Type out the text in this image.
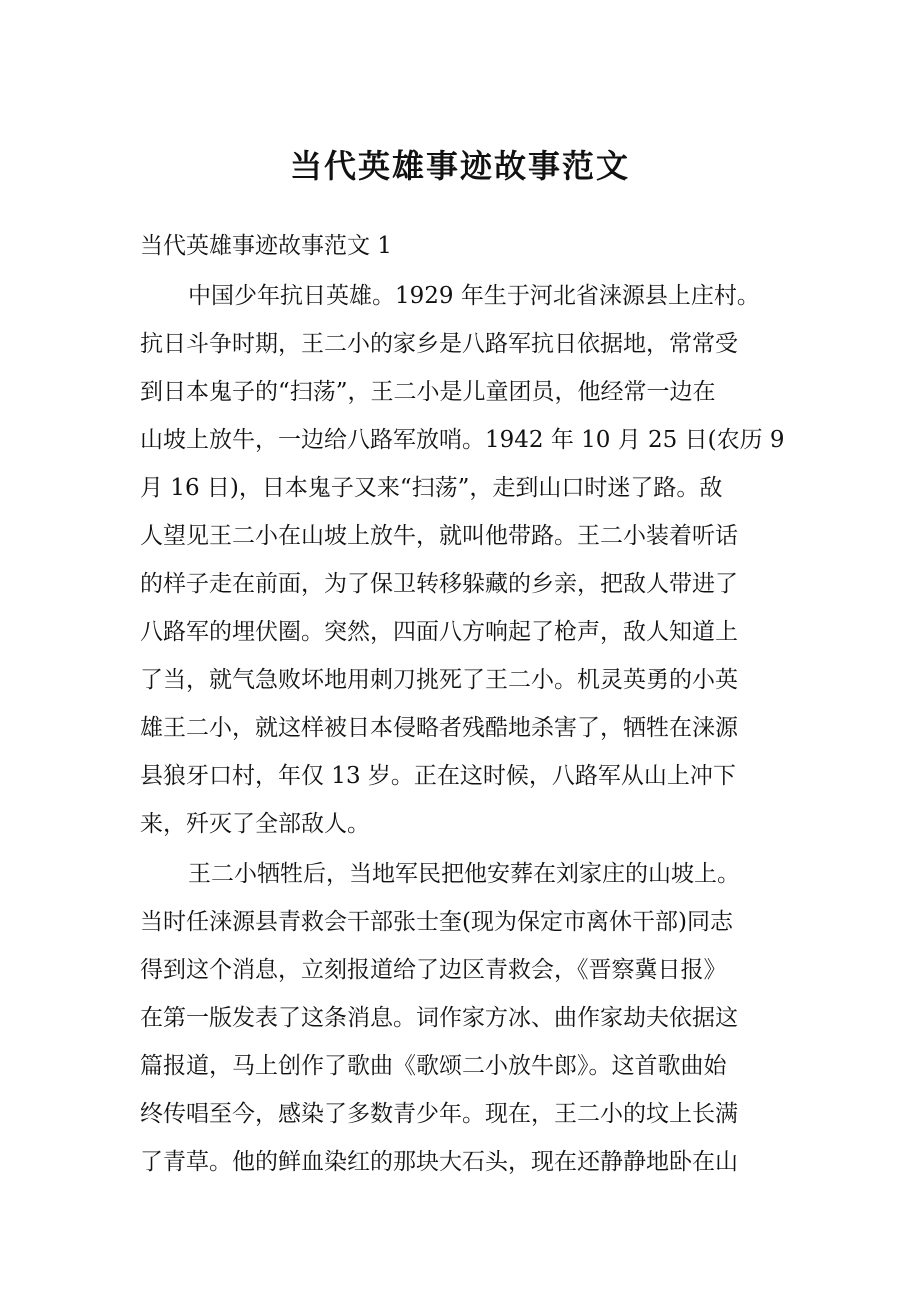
当代英雄事迹故事范文
当代英雄事迹故事范文 1
中国少年抗日英雄。1929 年生于河北省涞源县上庄村。
抗日斗争时期，王二小的家乡是八路军抗日依据地，常常受
到日本鬼子的“扫荡”，王二小是儿童团员，他经常一边在
山坡上放牛，一边给八路军放哨。1942 年 10 月 25 日(农历 9
月 16 日)，日本鬼子又来“扫荡”，走到山口时迷了路。敌
人望见王二小在山坡上放牛，就叫他带路。王二小装着听话
的样子走在前面，为了保卫转移躲藏的乡亲，把敌人带进了
八路军的埋伏圈。突然，四面八方响起了枪声，敌人知道上
了当，就气急败坏地用刺刀挑死了王二小。机灵英勇的小英
雄王二小，就这样被日本侵略者残酷地杀害了，牺牲在涞源
县狼牙口村，年仅 13 岁。正在这时候，八路军从山上冲下
来，歼灭了全部敌人。
王二小牺牲后，当地军民把他安葬在刘家庄的山坡上。
当时任涞源县青救会干部张士奎(现为保定市离休干部)同志
得到这个消息，立刻报道给了边区青救会，《晋察冀日报》
在第一版发表了这条消息。词作家方冰、曲作家劫夫依据这
篇报道，马上创作了歌曲《歌颂二小放牛郎》。这首歌曲始
终传唱至今，感染了多数青少年。现在，王二小的坟上长满
了青草。他的鲜血染红的那块大石头，现在还静静地卧在山
